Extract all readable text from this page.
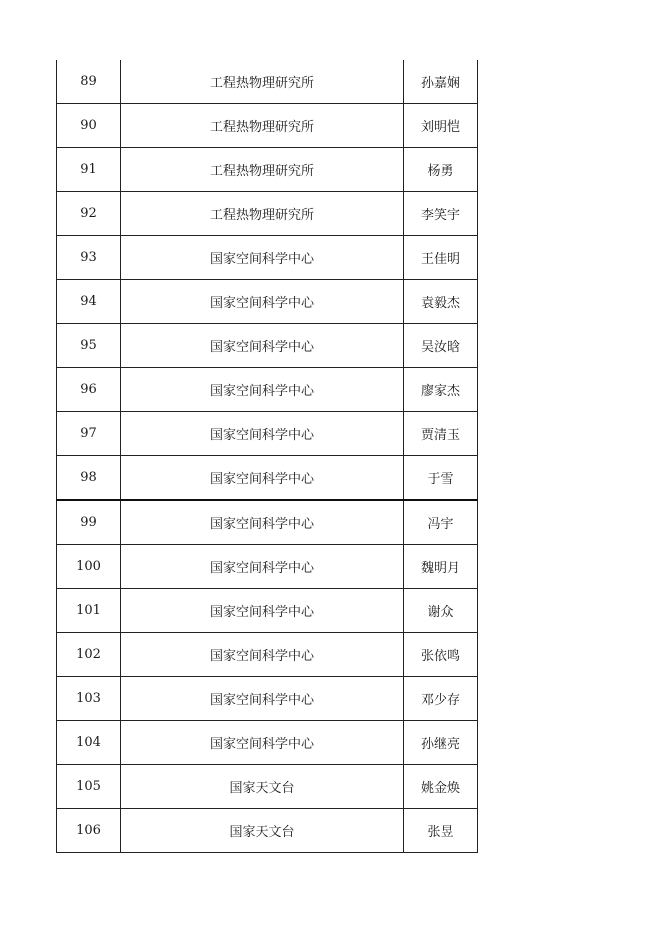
89	工程热物理研究所	孙嘉娴
90	工程热物理研究所	刘明恺
91	工程热物理研究所	杨勇
92	工程热物理研究所	李笑宇
93	国家空间科学中心	王佳明
94	国家空间科学中心	袁毅杰
95	国家空间科学中心	吴汝晗
96	国家空间科学中心	廖家杰
97	国家空间科学中心	贾清玉
98	国家空间科学中心	于雪
99	国家空间科学中心	冯宇
100	国家空间科学中心	魏明月
101	国家空间科学中心	谢众
102	国家空间科学中心	张依鸣
103	国家空间科学中心	邓少存
104	国家空间科学中心	孙继亮
105	国家天文台	姚金焕
106	国家天文台	张昱
